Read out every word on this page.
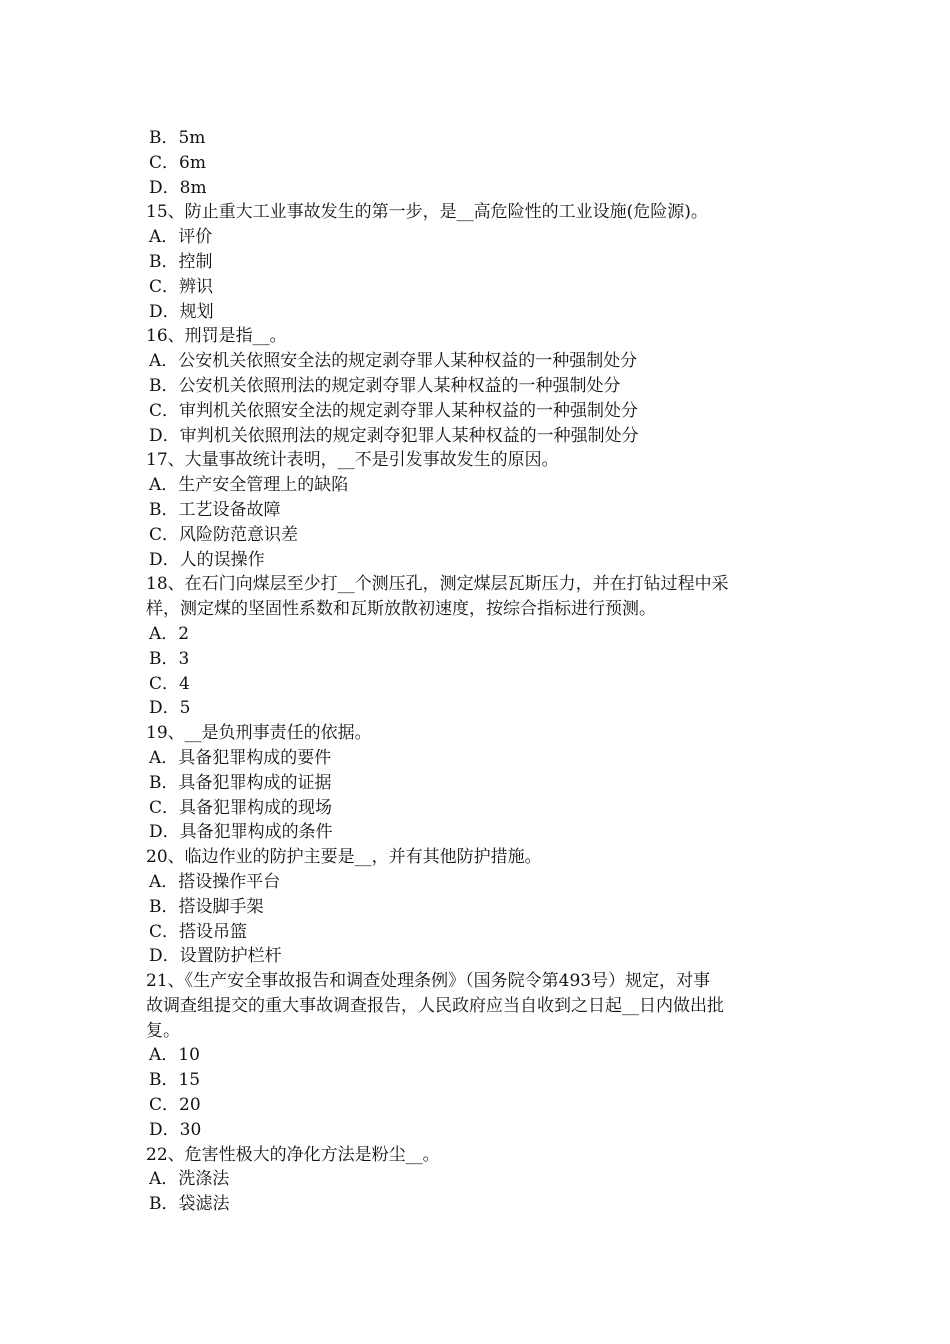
B．5m
C．6m
D．8m
15、防止重大工业事故发生的第一步，是__高危险性的工业设施(危险源)。
A．评价
B．控制
C．辨识
D．规划
16、刑罚是指__。
A．公安机关依照安全法的规定剥夺罪人某种权益的一种强制处分
B．公安机关依照刑法的规定剥夺罪人某种权益的一种强制处分
C．审判机关依照安全法的规定剥夺罪人某种权益的一种强制处分
D．审判机关依照刑法的规定剥夺犯罪人某种权益的一种强制处分
17、大量事故统计表明，__不是引发事故发生的原因。
A．生产安全管理上的缺陷
B．工艺设备故障
C．风险防范意识差
D．人的误操作
18、在石门向煤层至少打__个测压孔，测定煤层瓦斯压力，并在打钻过程中采
样，测定煤的坚固性系数和瓦斯放散初速度，按综合指标进行预测。
A．2
B．3
C．4
D．5
19、__是负刑事责任的依据。
A．具备犯罪构成的要件
B．具备犯罪构成的证据
C．具备犯罪构成的现场
D．具备犯罪构成的条件
20、临边作业的防护主要是__，并有其他防护措施。
A．搭设操作平台
B．搭设脚手架
C．搭设吊篮
D．设置防护栏杆
21、《生产安全事故报告和调查处理条例》（国务院令第493号）规定，对事
故调查组提交的重大事故调查报告，人民政府应当自收到之日起__日内做出批
复。
A．10
B．15
C．20
D．30
22、危害性极大的净化方法是粉尘__。
A．洗涤法
B．袋滤法
